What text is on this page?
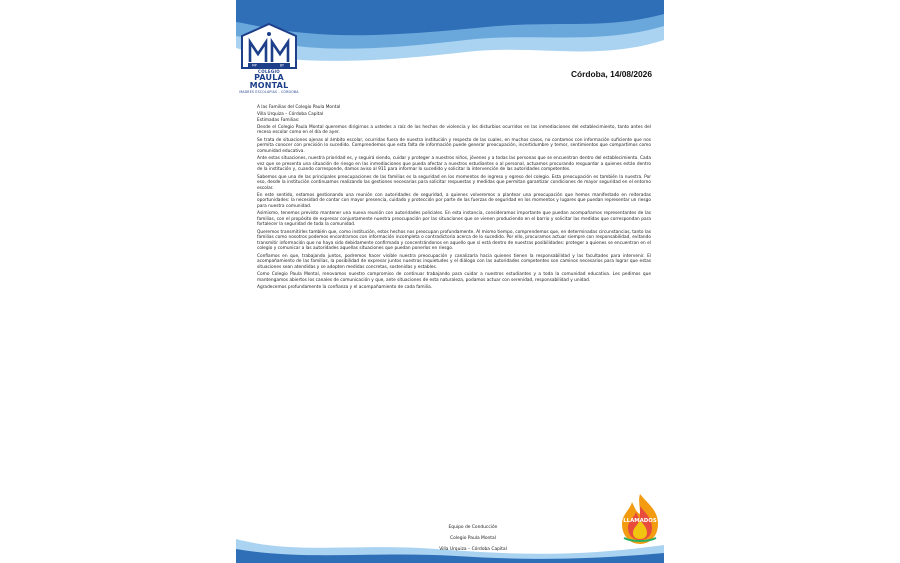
MP	BY
COLEGIO
PAULA MONTAL
MADRES ESCOLAPIAS - CÓRDOBA
Córdoba, 14/08/2026

A las Familias del Colegio Paula Montal

Villa Urquiza – Córdoba Capital

Estimadas Familias:

Desde el Colegio Paula Montal queremos dirigirnos a ustedes a raíz de los hechos de violencia y los disturbios ocurridos en las inmediaciones del establecimiento, tanto antes del receso escolar como en el día de ayer.

Se trata de situaciones ajenas al ámbito escolar, ocurridas fuera de nuestra institución y respecto de las cuales, en muchos casos, no contamos con información suficiente que nos permita conocer con precisión lo sucedido. Comprendemos que esta falta de información puede generar preocupación, incertidumbre y temor, sentimientos que compartimos como comunidad educativa.

Ante estas situaciones, nuestra prioridad es, y seguirá siendo, cuidar y proteger a nuestros niños, jóvenes y a todas las personas que se encuentran dentro del establecimiento. Cada vez que se presenta una situación de riesgo en las inmediaciones que pueda afectar a nuestros estudiantes o al personal, actuamos procurando resguardar a quienes están dentro de la institución y, cuando corresponde, damos aviso al 911 para informar lo sucedido y solicitar la intervención de las autoridades competentes.

Sabemos que una de las principales preocupaciones de las familias es la seguridad en los momentos de ingreso y egreso del colegio. Esta preocupación es también la nuestra. Por eso, desde la institución continuamos realizando las gestiones necesarias para solicitar respuestas y medidas que permitan garantizar condiciones de mayor seguridad en el entorno escolar.

En este sentido, estamos gestionando una reunión con autoridades de seguridad, a quienes volveremos a plantear una preocupación que hemos manifestado en reiteradas oportunidades: la necesidad de contar con mayor presencia, cuidado y protección por parte de las fuerzas de seguridad en los momentos y lugares que puedan representar un riesgo para nuestra comunidad.

Asimismo, tenemos previsto mantener una nueva reunión con autoridades policiales. En esta instancia, consideramos importante que puedan acompañarnos representantes de las familias, con el propósito de expresar conjuntamente nuestra preocupación por las situaciones que se vienen produciendo en el barrio y solicitar las medidas que correspondan para fortalecer la seguridad de toda la comunidad.

Queremos transmitirles también que, como institución, estos hechos nos preocupan profundamente. Al mismo tiempo, comprendemos que, en determinadas circunstancias, tanto las familias como nosotros podemos encontrarnos con información incompleta o contradictoria acerca de lo sucedido. Por ello, procuramos actuar siempre con responsabilidad, evitando transmitir información que no haya sido debidamente confirmada y concentrándonos en aquello que sí está dentro de nuestras posibilidades: proteger a quienes se encuentran en el colegio y comunicar a las autoridades aquellas situaciones que puedan ponerlos en riesgo.

Confiamos en que, trabajando juntos, podremos hacer visible nuestra preocupación y canalizarla hacia quienes tienen la responsabilidad y las facultades para intervenir. El acompañamiento de las familias, la posibilidad de expresar juntos nuestras inquietudes y el diálogo con las autoridades competentes son caminos necesarios para lograr que estas situaciones sean atendidas y se adopten medidas concretas, sostenidas y estables.

Como Colegio Paula Montal, renovamos nuestro compromiso de continuar trabajando para cuidar a nuestros estudiantes y a toda la comunidad educativa. Les pedimos que mantengamos abiertos los canales de comunicación y que, ante situaciones de esta naturaleza, podamos actuar con serenidad, responsabilidad y unidad.

Agradecemos profundamente la confianza y el acompañamiento de cada familia.

Equipo de Conducción
Colegio Paula Montal
Villa Urquiza – Córdoba Capital
LLAMADOS
